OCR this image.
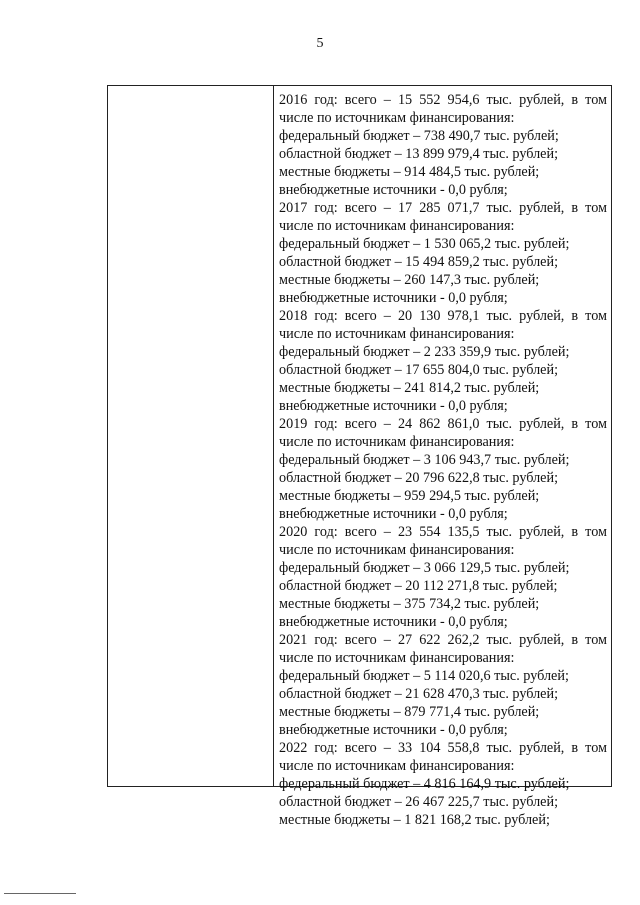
5
2016 год: всего – 15 552 954,6 тыс. рублей, в том
числе по источникам финансирования:
федеральный бюджет – 738 490,7 тыс. рублей;
областной бюджет – 13 899 979,4 тыс. рублей;
местные бюджеты – 914 484,5 тыс. рублей;
внебюджетные источники - 0,0 рубля;
2017 год: всего – 17 285 071,7 тыс. рублей, в том
числе по источникам финансирования:
федеральный бюджет – 1 530 065,2 тыс. рублей;
областной бюджет – 15 494 859,2 тыс. рублей;
местные бюджеты – 260 147,3 тыс. рублей;
внебюджетные источники - 0,0 рубля;
2018 год: всего – 20 130 978,1 тыс. рублей, в том
числе по источникам финансирования:
федеральный бюджет – 2 233 359,9 тыс. рублей;
областной бюджет – 17 655 804,0 тыс. рублей;
местные бюджеты – 241 814,2 тыс. рублей;
внебюджетные источники - 0,0 рубля;
2019 год: всего – 24 862 861,0 тыс. рублей, в том
числе по источникам финансирования:
федеральный бюджет – 3 106 943,7 тыс. рублей;
областной бюджет – 20 796 622,8 тыс. рублей;
местные бюджеты – 959 294,5 тыс. рублей;
внебюджетные источники - 0,0 рубля;
2020 год: всего – 23 554 135,5 тыс. рублей, в том
числе по источникам финансирования:
федеральный бюджет – 3 066 129,5 тыс. рублей;
областной бюджет – 20 112 271,8 тыс. рублей;
местные бюджеты – 375 734,2 тыс. рублей;
внебюджетные источники - 0,0 рубля;
2021 год: всего – 27 622 262,2 тыс. рублей, в том
числе по источникам финансирования:
федеральный бюджет – 5 114 020,6 тыс. рублей;
областной бюджет – 21 628 470,3 тыс. рублей;
местные бюджеты – 879 771,4 тыс. рублей;
внебюджетные источники - 0,0 рубля;
2022 год: всего – 33 104 558,8 тыс. рублей, в том
числе по источникам финансирования:
федеральный бюджет – 4 816 164,9 тыс. рублей;
областной бюджет – 26 467 225,7 тыс. рублей;
местные бюджеты – 1 821 168,2 тыс. рублей;
